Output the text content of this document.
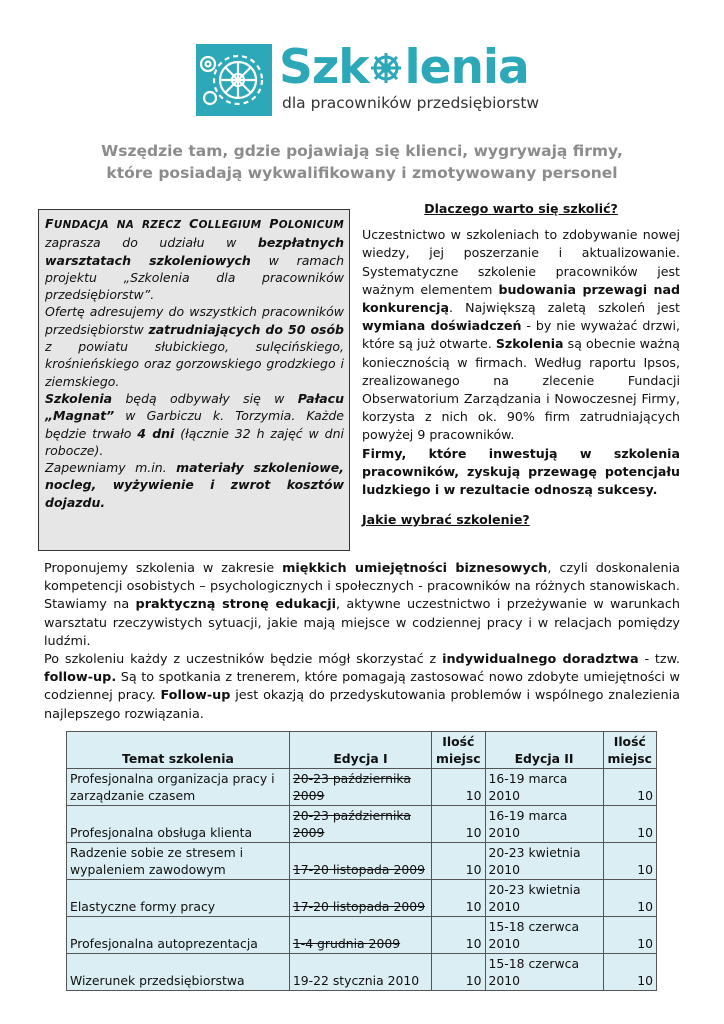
Szk lenia
dla pracowników przedsiębiorstw
Wszędzie tam, gdzie pojawiają się klienci, wygrywają firmy,
które posiadają wykwalifikowany i zmotywowany personel
FUNDACJA NA RZECZ COLLEGIUM POLONICUM zaprasza do udziału w bezpłatnych warsztatach szkoleniowych w ramach projektu „Szkolenia dla pracowników przedsiębiorstw”.
Ofertę adresujemy do wszystkich pracowników przedsiębiorstw zatrudniających do 50 osób z powiatu słubickiego, sulęcińskiego, krośnieńskiego oraz gorzowskiego grodzkiego i ziemskiego.
Szkolenia będą odbywały się w Pałacu „Magnat” w Garbiczu k. Torzymia. Każde będzie trwało 4 dni (łącznie 32 h zajęć w dni robocze).
Zapewniamy m.in. materiały szkoleniowe, nocleg, wyżywienie i zwrot kosztów dojazdu.

Dlaczego warto się szkolić?

Uczestnictwo w szkoleniach to zdobywanie nowej wiedzy, jej poszerzanie i aktualizowanie. Systematyczne szkolenie pracowników jest ważnym elementem budowania przewagi nad konkurencją. Największą zaletą szkoleń jest wymiana doświadczeń - by nie wyważać drzwi, które są już otwarte. Szkolenia są obecnie ważną koniecznością w firmach. Według raportu Ipsos, zrealizowanego na zlecenie Fundacji Obserwatorium Zarządzania i Nowoczesnej Firmy, korzysta z nich ok. 90% firm zatrudniających powyżej 9 pracowników.

Firmy, które inwestują w szkolenia pracowników, zyskują przewagę potencjału ludzkiego i w rezultacie odnoszą sukcesy.

Jakie wybrać szkolenie?

Proponujemy szkolenia w zakresie miękkich umiejętności biznesowych, czyli doskonalenia kompetencji osobistych – psychologicznych i społecznych - pracowników na różnych stanowiskach. Stawiamy na praktyczną stronę edukacji, aktywne uczestnictwo i przeżywanie w warunkach warsztatu rzeczywistych sytuacji, jakie mają miejsce w codziennej pracy i w relacjach pomiędzy ludźmi.

Po szkoleniu każdy z uczestników będzie mógł skorzystać z indywidualnego doradztwa - tzw. follow-up. Są to spotkania z trenerem, które pomagają zastosować nowo zdobyte umiejętności w codziennej pracy. Follow-up jest okazją do przedyskutowania problemów i wspólnego znalezienia najlepszego rozwiązania.

Temat szkolenia	Edycja I	Ilość miejsc	Edycja II	Ilość miejsc
Profesjonalna organizacja pracy i zarządzanie czasem	20-23 października 2009	10	16-19 marca 2010	10
Profesjonalna obsługa klienta	20-23 października 2009	10	16-19 marca 2010	10
Radzenie sobie ze stresem i wypaleniem zawodowym	17-20 listopada 2009	10	20-23 kwietnia 2010	10
Elastyczne formy pracy	17-20 listopada 2009	10	20-23 kwietnia 2010	10
Profesjonalna autoprezentacja	1-4 grudnia 2009	10	15-18 czerwca 2010	10
Wizerunek przedsiębiorstwa	19-22 stycznia 2010	10	15-18 czerwca 2010	10
